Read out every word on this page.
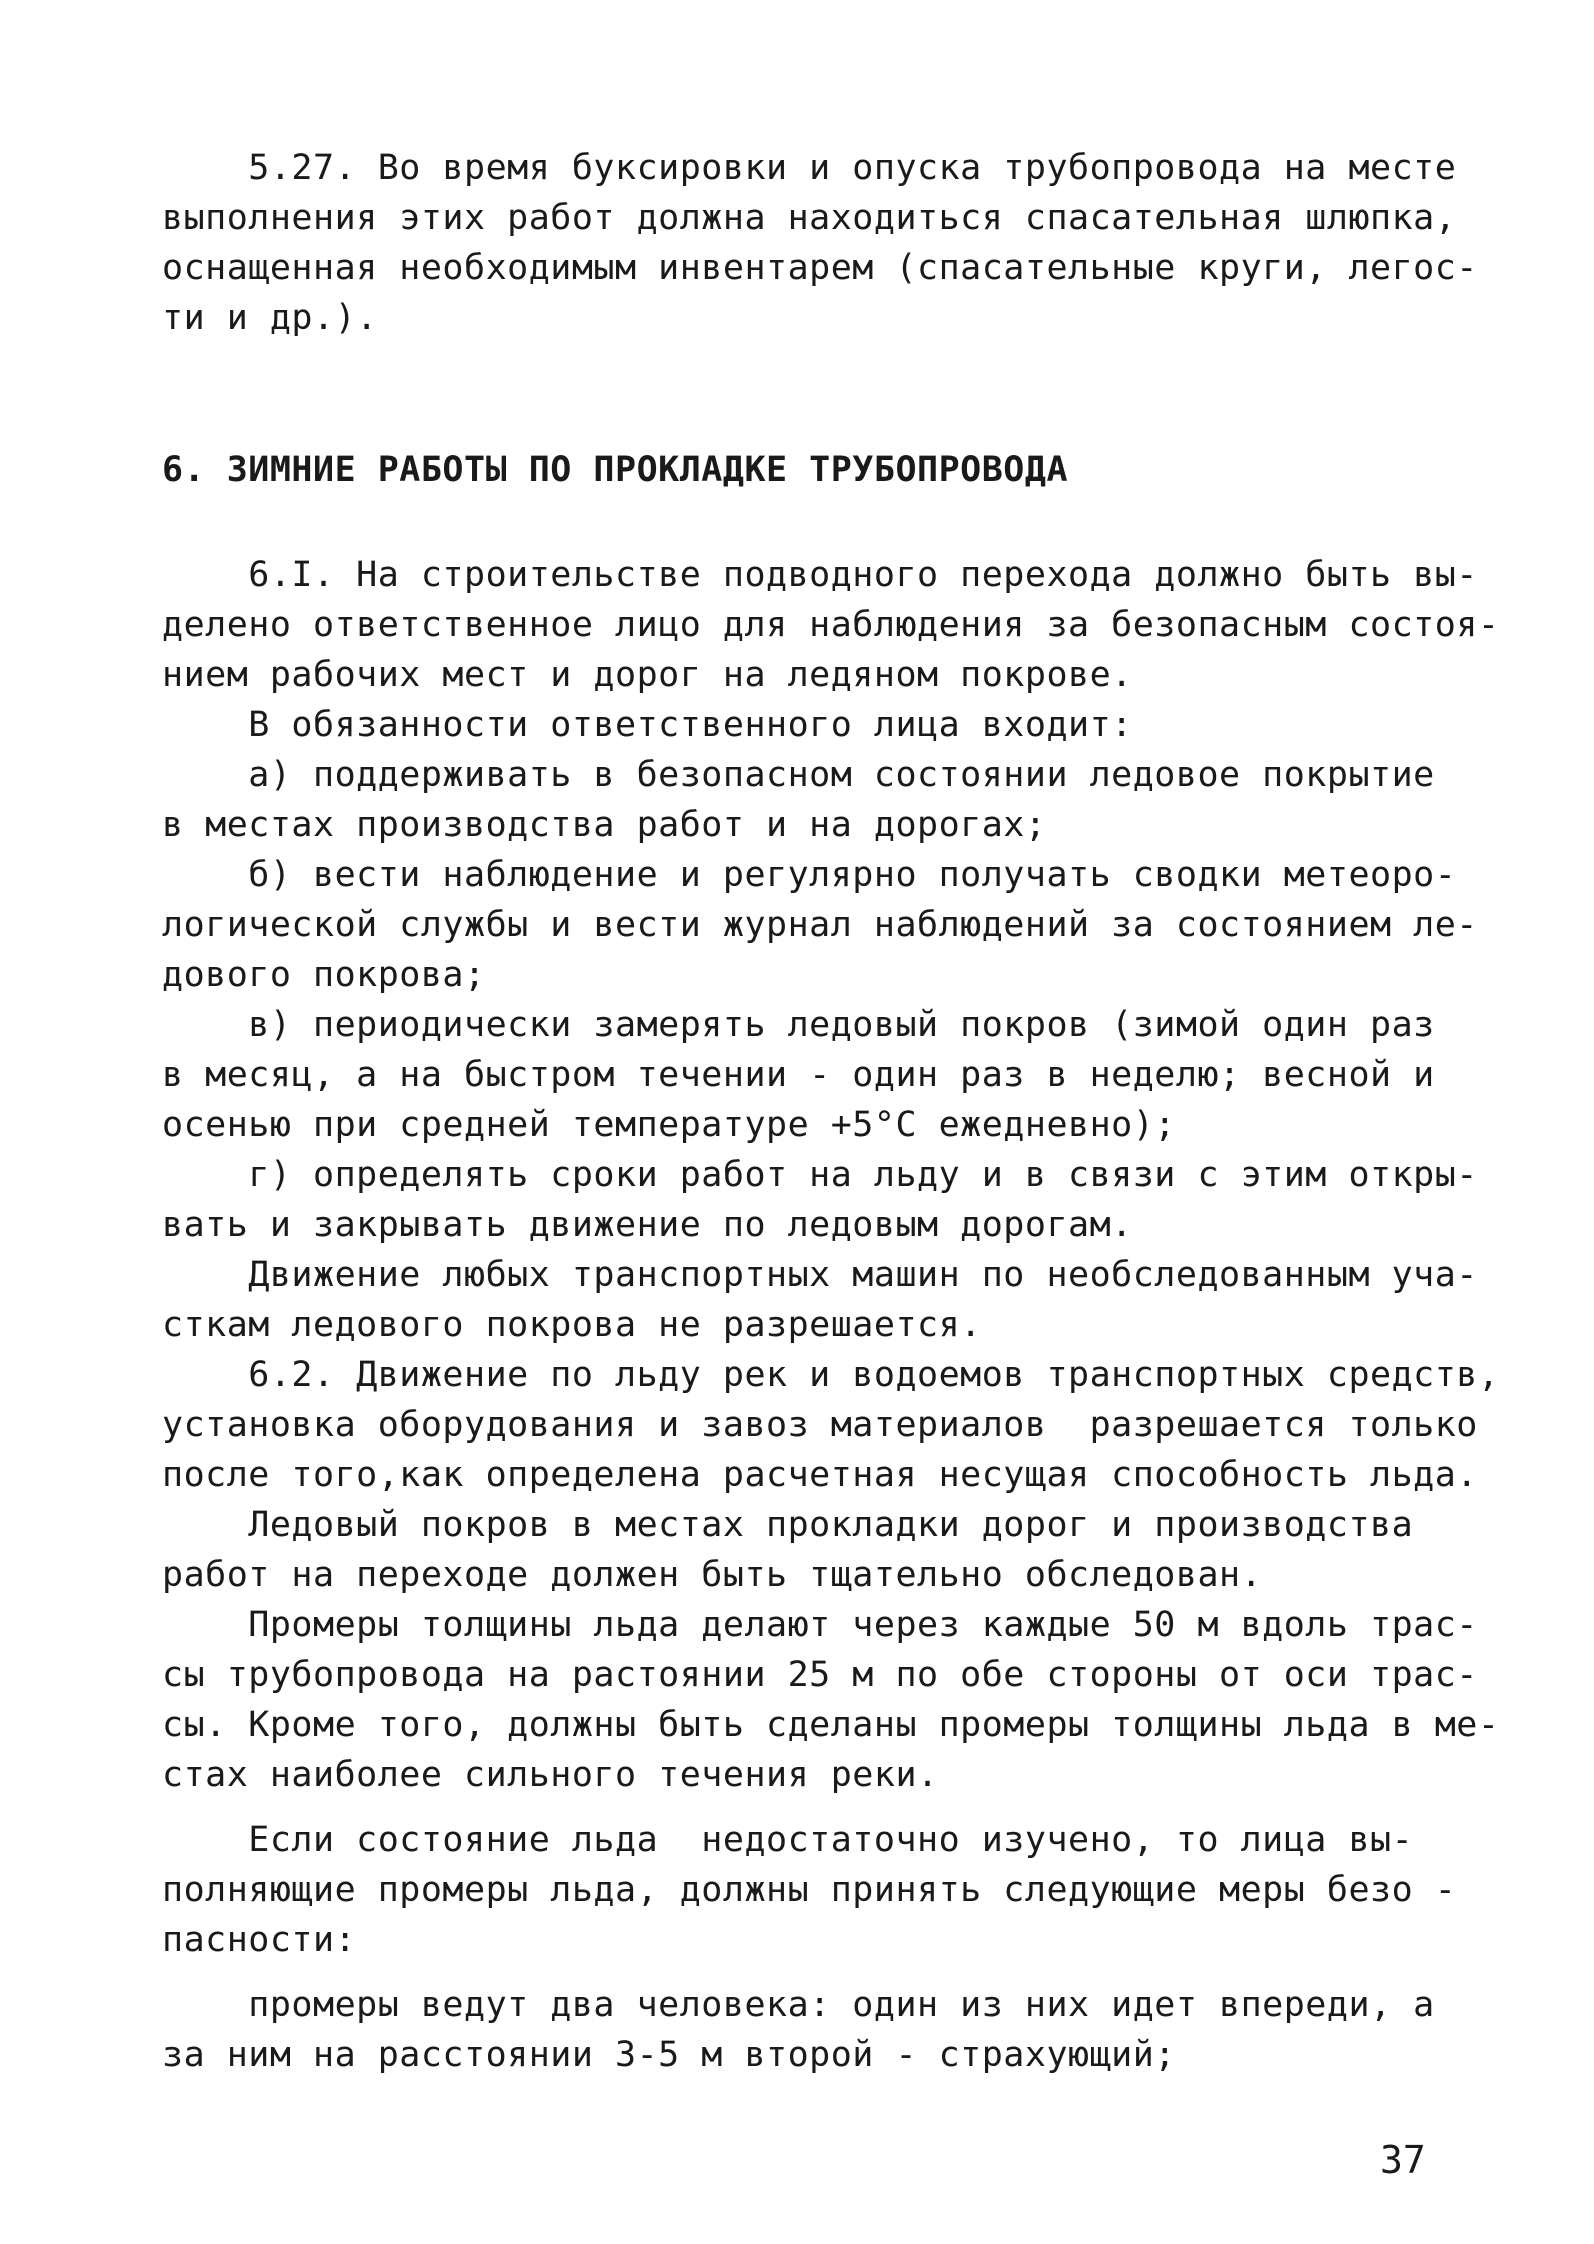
5.27. Во время буксировки и опуска трубопровода на месте
выполнения этих работ должна находиться спасательная шлюпка,
оснащенная необходимым инвентарем (спасательные круги, легос-
ти и др.).
6. ЗИМНИЕ РАБОТЫ ПО ПРОКЛАДКЕ ТРУБОПРОВОДА
6.I. На строительстве подводного перехода должно быть вы-
делено ответственное лицо для наблюдения за безопасным состоя-
нием рабочих мест и дорог на ледяном покрове.
В обязанности ответственного лица входит:
а) поддерживать в безопасном состоянии ледовое покрытие
в местах производства работ и на дорогах;
б) вести наблюдение и регулярно получать сводки метеоро-
логической службы и вести журнал наблюдений за состоянием ле-
дового покрова;
в) периодически замерять ледовый покров (зимой один раз
в месяц, а на быстром течении - один раз в неделю; весной и
осенью при средней температуре +5°С ежедневно);
г) определять сроки работ на льду и в связи с этим откры-
вать и закрывать движение по ледовым дорогам.
Движение любых транспортных машин по необследованным уча-
сткам ледового покрова не разрешается.
6.2. Движение по льду рек и водоемов транспортных средств,
установка оборудования и завоз материалов  разрешается только
после того,как определена расчетная несущая способность льда.
Ледовый покров в местах прокладки дорог и производства
работ на переходе должен быть тщательно обследован.
Промеры толщины льда делают через каждые 50 м вдоль трас-
сы трубопровода на растоянии 25 м по обе стороны от оси трас-
сы. Кроме того, должны быть сделаны промеры толщины льда в ме-
стах наиболее сильного течения реки.
Если состояние льда  недостаточно изучено, то лица вы-
полняющие промеры льда, должны принять следующие меры безо -
пасности:
промеры ведут два человека: один из них идет впереди, а
за ним на расстоянии 3-5 м второй - страхующий;
37
